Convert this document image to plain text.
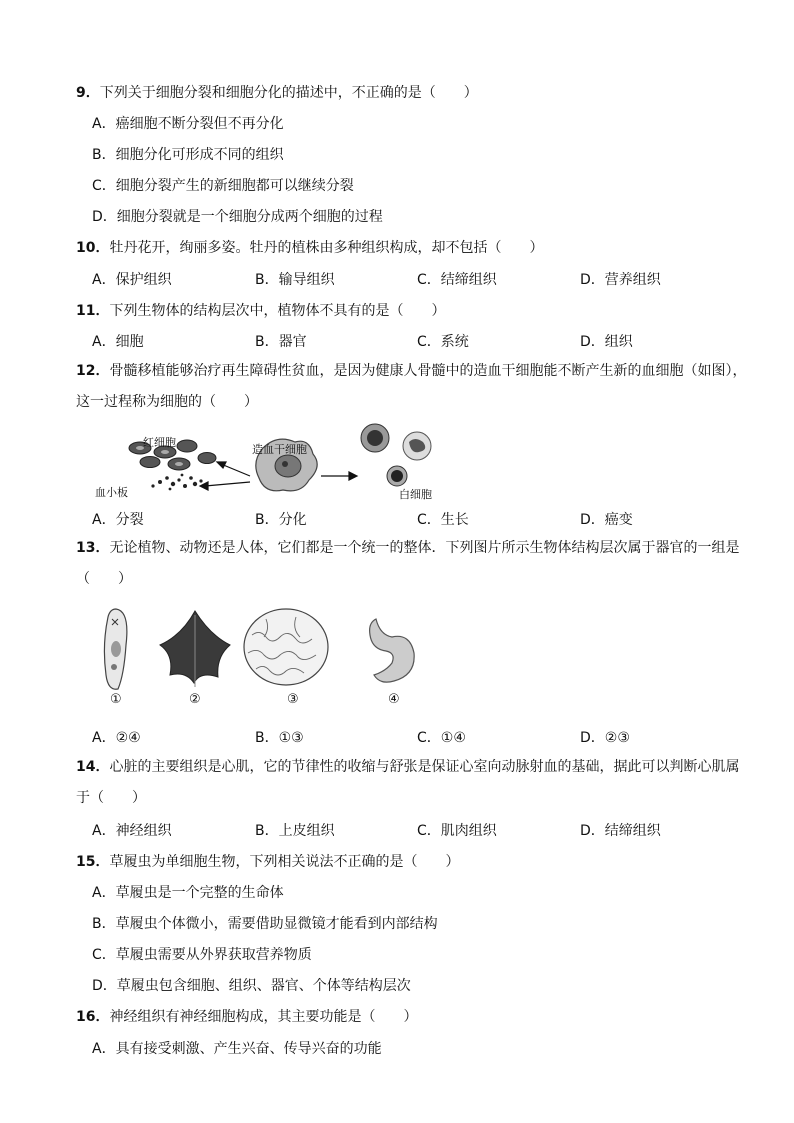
9．下列关于细胞分裂和细胞分化的描述中，不正确的是（　　）
A．癌细胞不断分裂但不再分化
B．细胞分化可形成不同的组织
C．细胞分裂产生的新细胞都可以继续分裂
D．细胞分裂就是一个细胞分成两个细胞的过程
10．牡丹花开，绚丽多姿。牡丹的植株由多种组织构成，却不包括（　　）
A．保护组织	B．输导组织	C．结缔组织	D．营养组织
11．下列生物体的结构层次中，植物体不具有的是（　　）
A．细胞	B．器官	C．系统	D．组织
12．骨髓移植能够治疗再生障碍性贫血，是因为健康人骨髓中的造血干细胞能不断产生新的血细胞（如图），这一过程称为细胞的（　　）
红细胞
造血干细胞
血小板	白细胞
A．分裂	B．分化	C．生长	D．癌变
13．无论植物、动物还是人体，它们都是一个统一的整体．下列图片所示生物体结构层次属于器官的一组是（　　）
①	②	③	④
A．②④	B．①③	C．①④	D．②③
14．心脏的主要组织是心肌，它的节律性的收缩与舒张是保证心室向动脉射血的基础，据此可以判断心肌属于（　　）
A．神经组织	B．上皮组织	C．肌肉组织	D．结缔组织
15．草履虫为单细胞生物，下列相关说法不正确的是（　　）
A．草履虫是一个完整的生命体
B．草履虫个体微小，需要借助显微镜才能看到内部结构
C．草履虫需要从外界获取营养物质
D．草履虫包含细胞、组织、器官、个体等结构层次
16．神经组织有神经细胞构成，其主要功能是（　　）
A．具有接受刺激、产生兴奋、传导兴奋的功能
